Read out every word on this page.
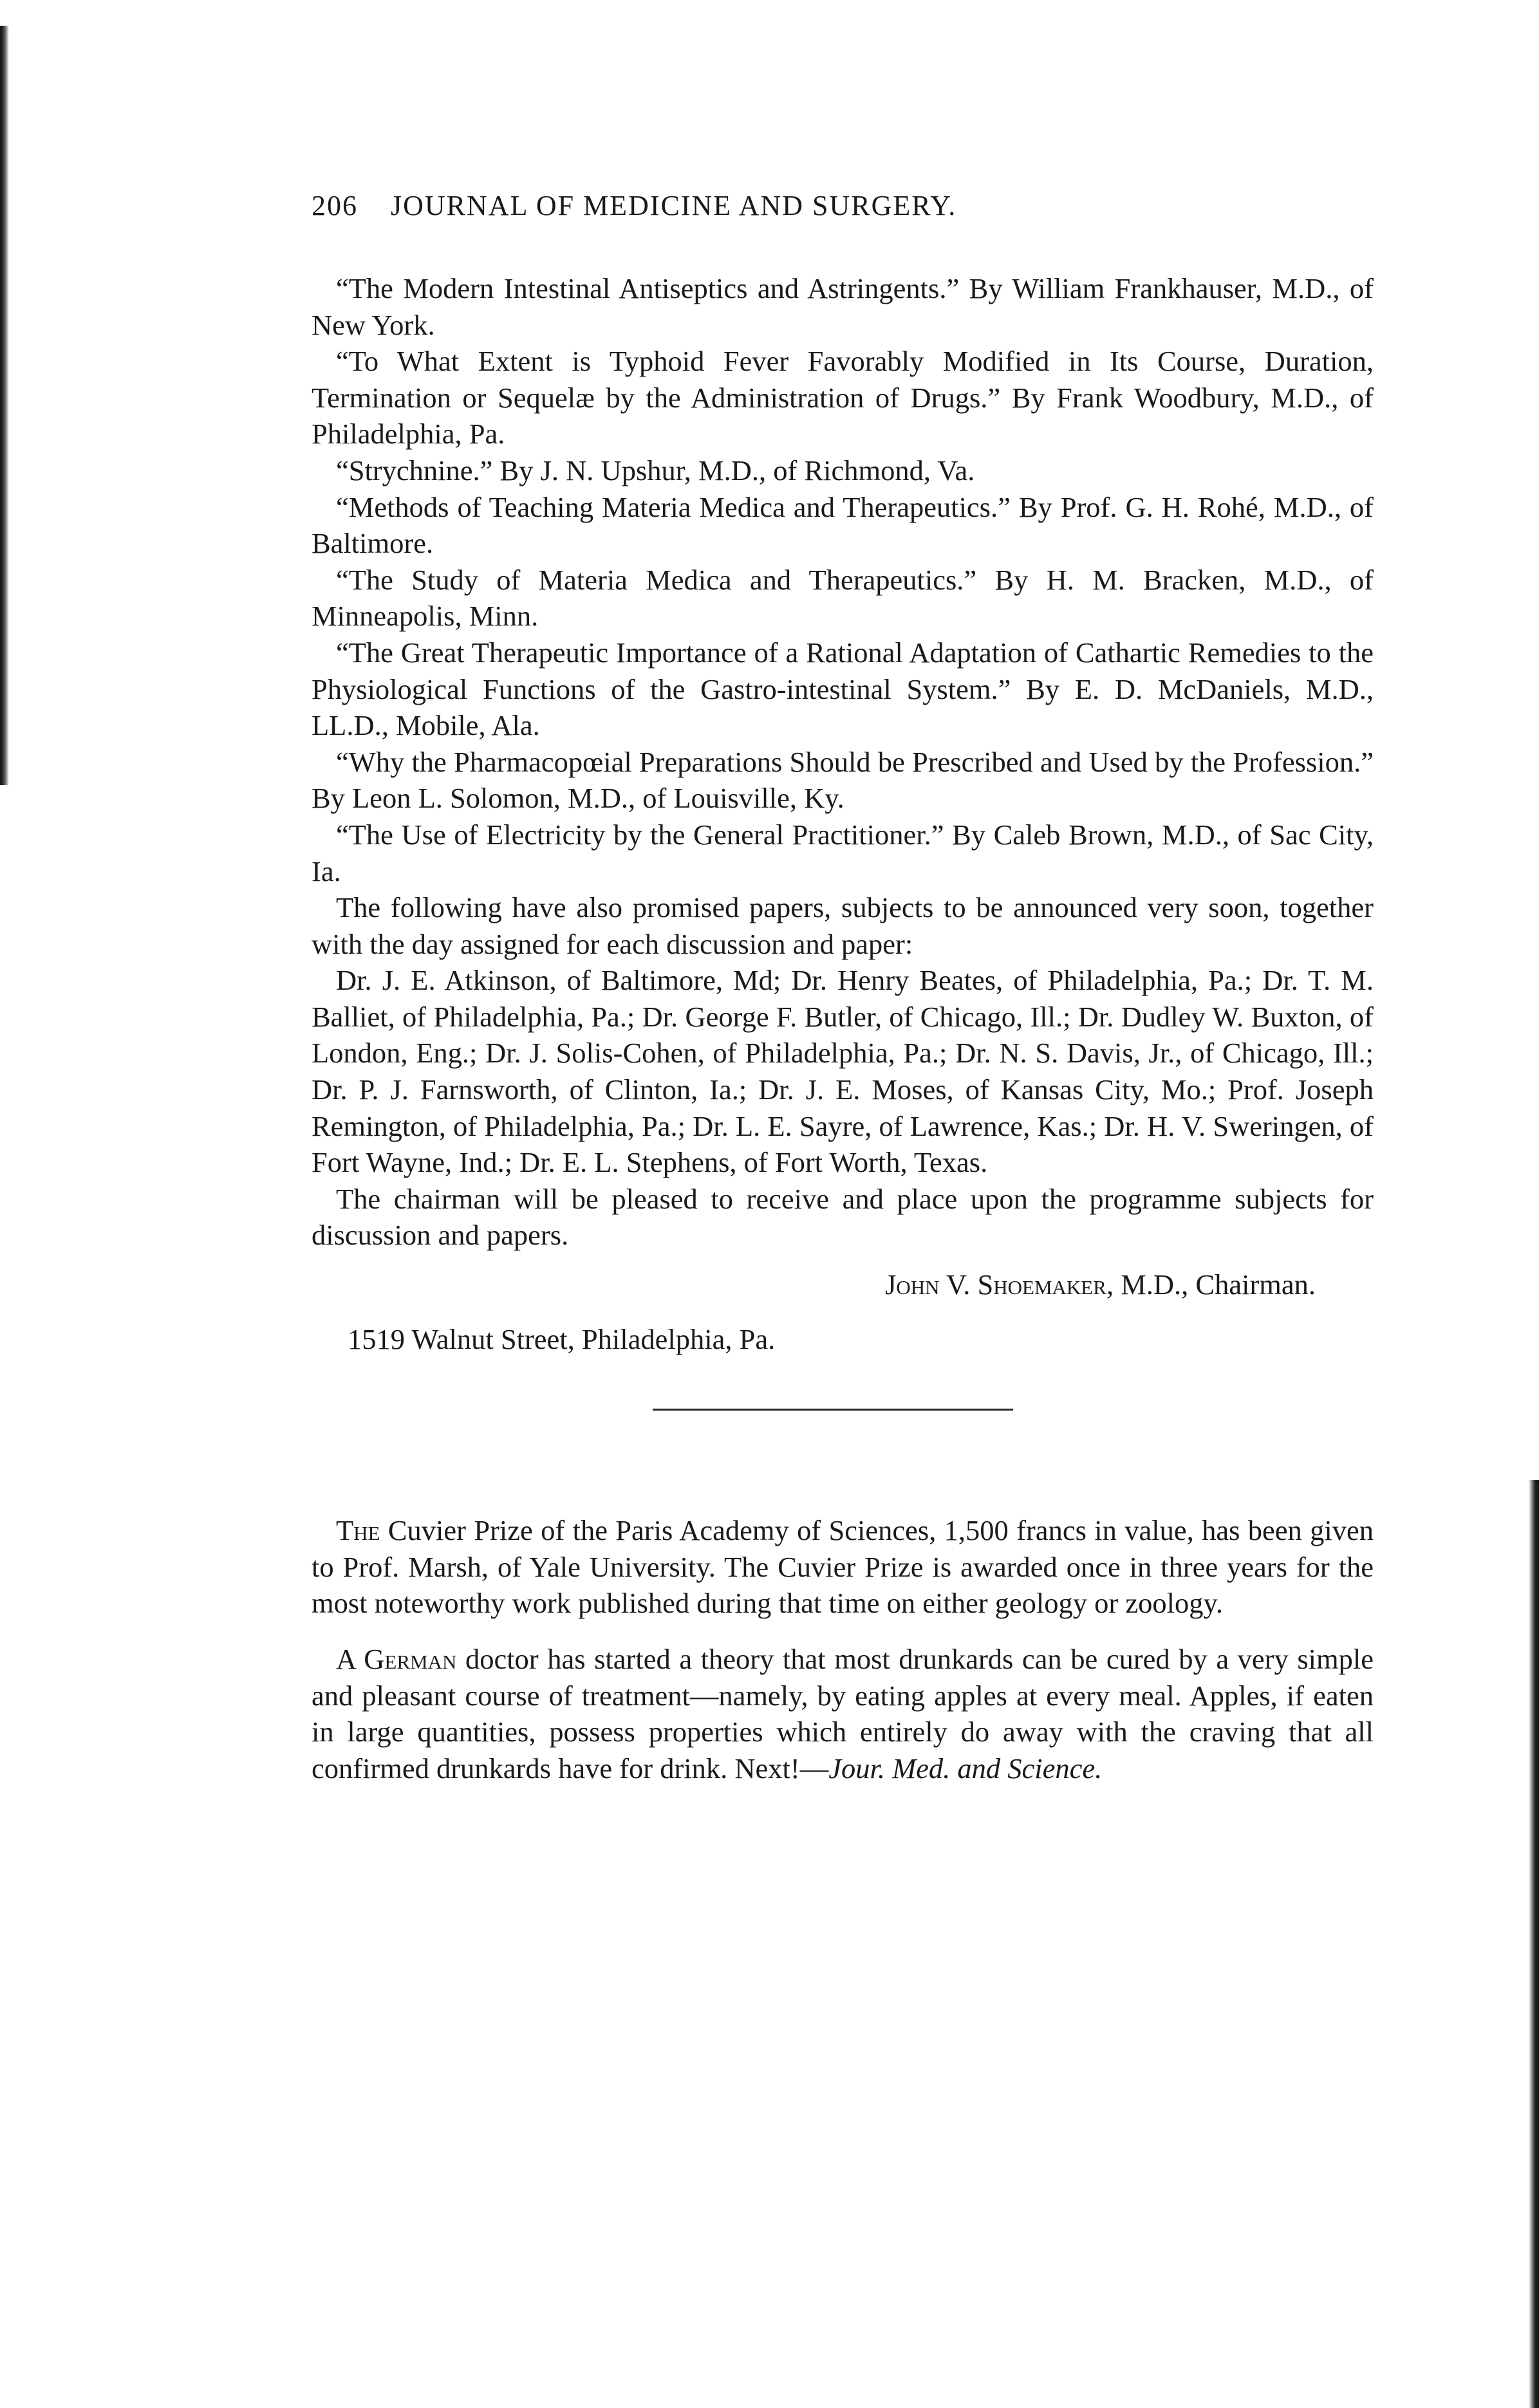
206 JOURNAL OF MEDICINE AND SURGERY.

“The Modern Intestinal Antiseptics and Astringents.” By William Frankhauser, M.D., of New York.

“To What Extent is Typhoid Fever Favorably Modified in Its Course, Duration, Termination or Sequelæ by the Administration of Drugs.” By Frank Woodbury, M.D., of Philadelphia, Pa.

“Strychnine.” By J. N. Upshur, M.D., of Richmond, Va.

“Methods of Teaching Materia Medica and Therapeutics.” By Prof. G. H. Rohé, M.D., of Baltimore.

“The Study of Materia Medica and Therapeutics.” By H. M. Bracken, M.D., of Minneapolis, Minn.

“The Great Therapeutic Importance of a Rational Adaptation of Cathartic Remedies to the Physiological Functions of the Gastro-intestinal System.” By E. D. McDaniels, M.D., LL.D., Mobile, Ala.

“Why the Pharmacopœial Preparations Should be Prescribed and Used by the Profession.” By Leon L. Solomon, M.D., of Louisville, Ky.

“The Use of Electricity by the General Practitioner.” By Caleb Brown, M.D., of Sac City, Ia.

The following have also promised papers, subjects to be announced very soon, together with the day assigned for each discussion and paper:

Dr. J. E. Atkinson, of Baltimore, Md; Dr. Henry Beates, of Philadelphia, Pa.; Dr. T. M. Balliet, of Philadelphia, Pa.; Dr. George F. Butler, of Chicago, Ill.; Dr. Dudley W. Buxton, of London, Eng.; Dr. J. Solis-Cohen, of Philadelphia, Pa.; Dr. N. S. Davis, Jr., of Chicago, Ill.; Dr. P. J. Farnsworth, of Clinton, Ia.; Dr. J. E. Moses, of Kansas City, Mo.; Prof. Joseph Remington, of Philadelphia, Pa.; Dr. L. E. Sayre, of Lawrence, Kas.; Dr. H. V. Sweringen, of Fort Wayne, Ind.; Dr. E. L. Stephens, of Fort Worth, Texas.

The chairman will be pleased to receive and place upon the programme subjects for discussion and papers.

John V. Shoemaker, M.D., Chairman.

1519 Walnut Street, Philadelphia, Pa.

The Cuvier Prize of the Paris Academy of Sciences, 1,500 francs in value, has been given to Prof. Marsh, of Yale University. The Cuvier Prize is awarded once in three years for the most noteworthy work published during that time on either geology or zoology.

A German doctor has started a theory that most drunkards can be cured by a very simple and pleasant course of treatment—namely, by eating apples at every meal. Apples, if eaten in large quantities, possess properties which entirely do away with the craving that all confirmed drunkards have for drink. Next!—Jour. Med. and Science.
